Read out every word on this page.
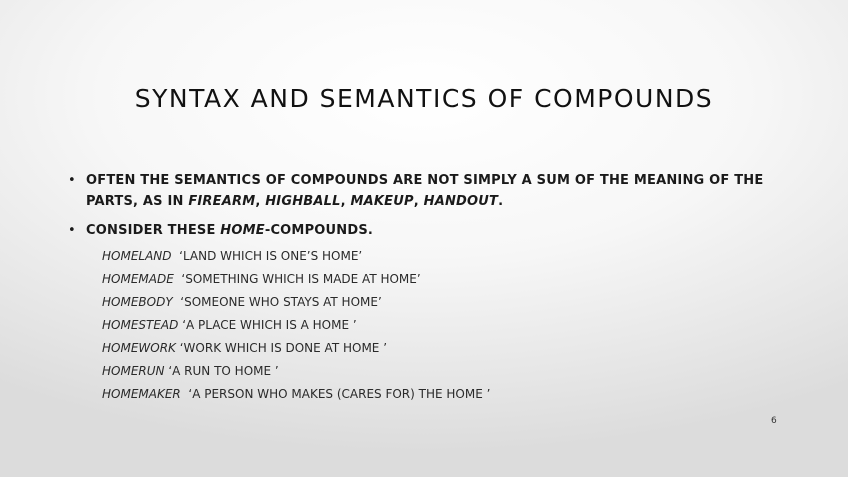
SYNTAX AND SEMANTICS OF COMPOUNDS
• OFTEN THE SEMANTICS OF COMPOUNDS ARE NOT SIMPLY A SUM OF THE MEANING OF THE PARTS, AS IN FIREARM, HIGHBALL, MAKEUP, HANDOUT.
• CONSIDER THESE HOME-COMPOUNDS.
HOMELAND  ‘LAND WHICH IS ONE’S HOME’
HOMEMADE  ‘SOMETHING WHICH IS MADE AT HOME’
HOMEBODY  ‘SOMEONE WHO STAYS AT HOME’
HOMESTEAD ‘A PLACE WHICH IS A HOME ’
HOMEWORK ‘WORK WHICH IS DONE AT HOME ’
HOMERUN ‘A RUN TO HOME ’
HOMEMAKER  ‘A PERSON WHO MAKES (CARES FOR) THE HOME ’
6
